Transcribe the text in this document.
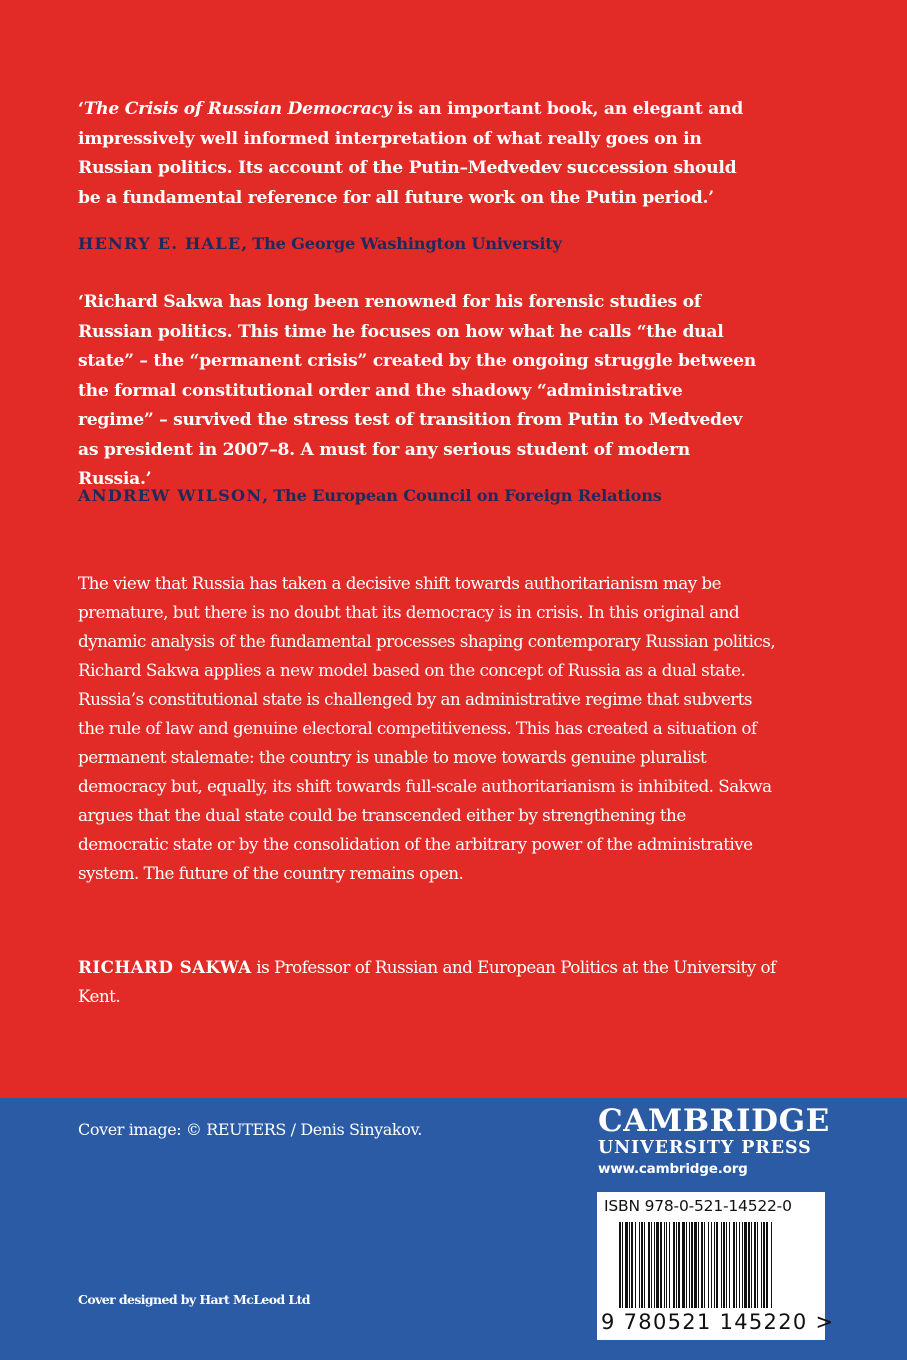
‘The Crisis of Russian Democracy is an important book, an elegant and impressively well informed interpretation of what really goes on in Russian politics. Its account of the Putin–Medvedev succession should be a fundamental reference for all future work on the Putin period.’
HENRY E. HALE, The George Washington University
‘Richard Sakwa has long been renowned for his forensic studies of Russian politics. This time he focuses on how what he calls “the dual state” – the “permanent crisis” created by the ongoing struggle between the formal constitutional order and the shadowy “administrative regime” – survived the stress test of transition from Putin to Medvedev as president in 2007–8. A must for any serious student of modern Russia.’
ANDREW WILSON, The European Council on Foreign Relations
The view that Russia has taken a decisive shift towards authoritarianism may be premature, but there is no doubt that its democracy is in crisis. In this original and dynamic analysis of the fundamental processes shaping contemporary Russian politics, Richard Sakwa applies a new model based on the concept of Russia as a dual state. Russia’s constitutional state is challenged by an administrative regime that subverts the rule of law and genuine electoral competitiveness. This has created a situation of permanent stalemate: the country is unable to move towards genuine pluralist democracy but, equally, its shift towards full-scale authoritarianism is inhibited. Sakwa argues that the dual state could be transcended either by strengthening the democratic state or by the consolidation of the arbitrary power of the administrative system. The future of the country remains open.
RICHARD SAKWA is Professor of Russian and European Politics at the University of Kent.
Cover image: © REUTERS / Denis Sinyakov.
Cover designed by Hart McLeod Ltd
CAMBRIDGE
UNIVERSITY PRESS
www.cambridge.org
ISBN 978-0-521-14522-0
9 780521 145220 >
